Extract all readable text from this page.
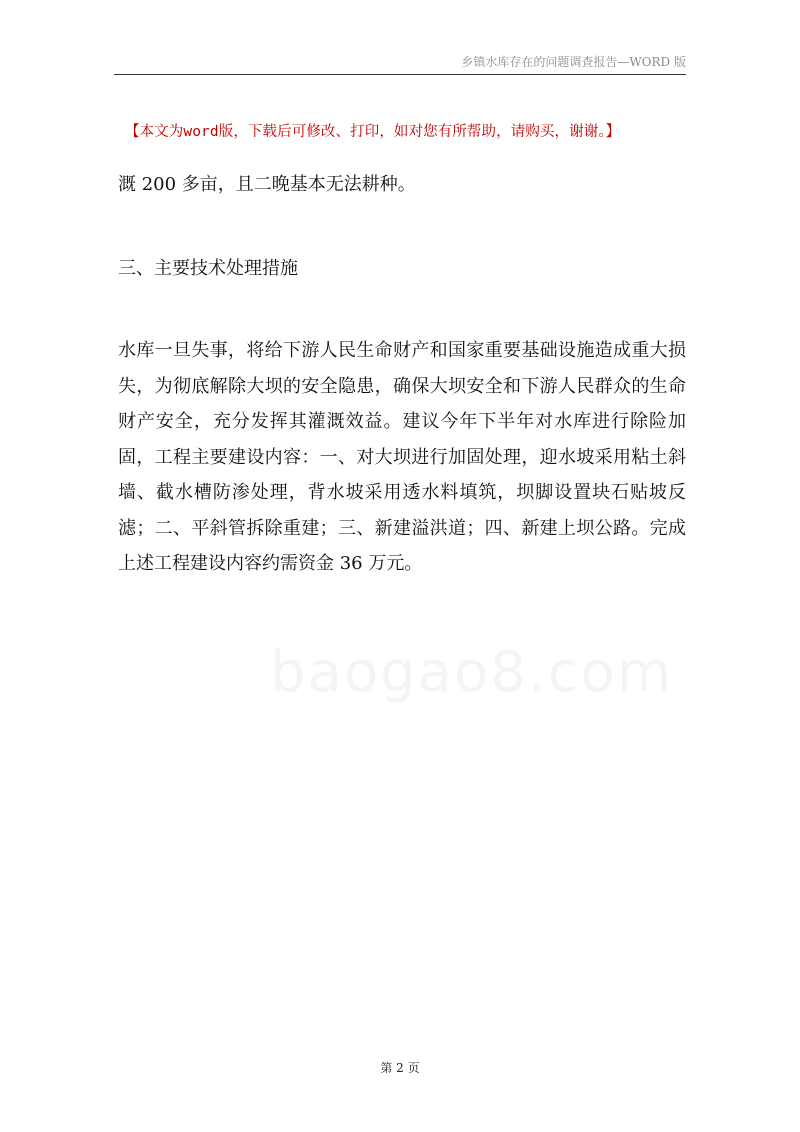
乡镇水库存在的问题调查报告—WORD 版
【本文为word版，下载后可修改、打印，如对您有所帮助，请购买，谢谢。】

溉 200 多亩，且二晚基本无法耕种。

三、主要技术处理措施

水库一旦失事，将给下游人民生命财产和国家重要基础设施造成重大损失，为彻底解除大坝的安全隐患，确保大坝安全和下游人民群众的生命财产安全，充分发挥其灌溉效益。建议今年下半年对水库进行除险加固，工程主要建设内容：一、对大坝进行加固处理，迎水坡采用粘土斜墙、截水槽防渗处理，背水坡采用透水料填筑，坝脚设置块石贴坡反滤；二、平斜管拆除重建；三、新建溢洪道；四、新建上坝公路。完成上述工程建设内容约需资金 36 万元。

第 2 页
